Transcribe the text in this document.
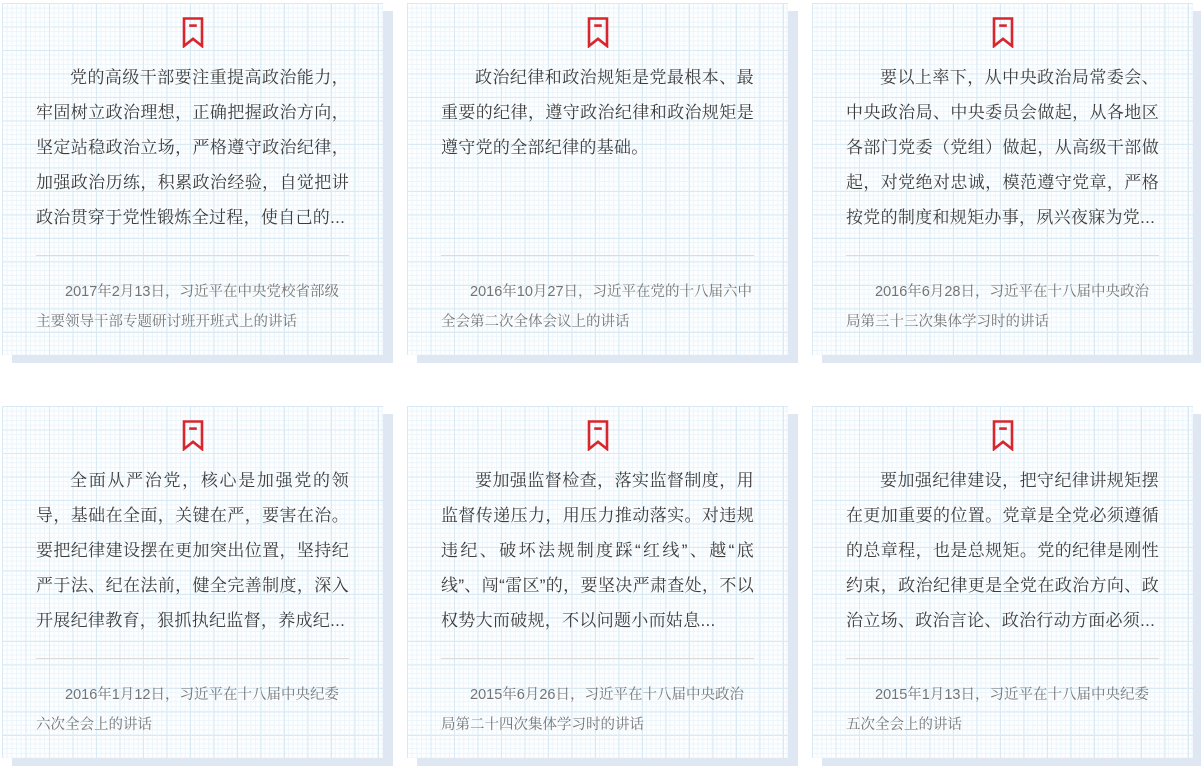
党的高级干部要注重提高政治能力，牢固树立政治理想，正确把握政治方向，坚定站稳政治立场，严格遵守政治纪律，加强政治历练，积累政治经验，自觉把讲政治贯穿于党性锻炼全过程，使自己的...

2017年2月13日，习近平在中央党校省部级主要领导干部专题研讨班开班式上的讲话

政治纪律和政治规矩是党最根本、最重要的纪律，遵守政治纪律和政治规矩是遵守党的全部纪律的基础。

2016年10月27日，习近平在党的十八届六中全会第二次全体会议上的讲话

要以上率下，从中央政治局常委会、中央政治局、中央委员会做起，从各地区各部门党委（党组）做起，从高级干部做起，对党绝对忠诚，模范遵守党章，严格按党的制度和规矩办事，夙兴夜寐为党...

2016年6月28日，习近平在十八届中央政治局第三十三次集体学习时的讲话

全面从严治党，核心是加强党的领导，基础在全面，关键在严，要害在治。要把纪律建设摆在更加突出位置，坚持纪严于法、纪在法前，健全完善制度，深入开展纪律教育，狠抓执纪监督，养成纪...

2016年1月12日，习近平在十八届中央纪委六次全会上的讲话

要加强监督检查，落实监督制度，用监督传递压力，用压力推动落实。对违规违纪、破坏法规制度踩“红线”、越“底线”、闯“雷区”的，要坚决严肃查处，不以权势大而破规，不以问题小而姑息...

2015年6月26日，习近平在十八届中央政治局第二十四次集体学习时的讲话

要加强纪律建设，把守纪律讲规矩摆在更加重要的位置。党章是全党必须遵循的总章程，也是总规矩。党的纪律是刚性约束，政治纪律更是全党在政治方向、政治立场、政治言论、政治行动方面必须...

2015年1月13日，习近平在十八届中央纪委五次全会上的讲话
